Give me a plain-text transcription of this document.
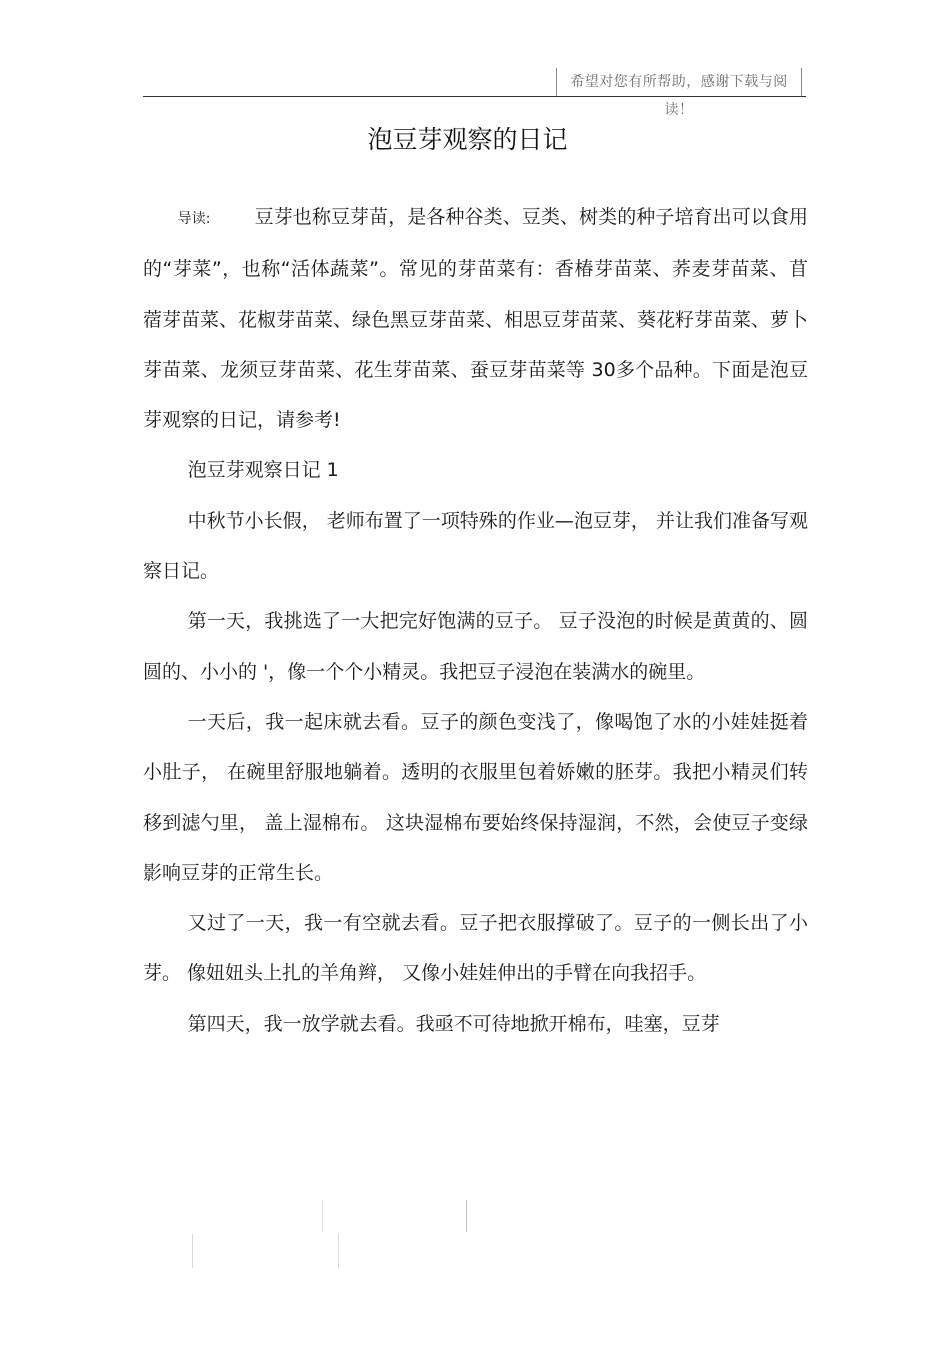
希望对您有所帮助，感谢下载与阅读！
泡豆芽观察的日记

导读: 豆芽也称豆芽苗，是各种谷类、豆类、树类的种子培育出可以食用的“芽菜”，也称“活体蔬菜”。常见的芽苗菜有：香椿芽苗菜、荞麦芽苗菜、苜蓿芽苗菜、花椒芽苗菜、绿色黑豆芽苗菜、相思豆芽苗菜、葵花籽芽苗菜、萝卜芽苗菜、龙须豆芽苗菜、花生芽苗菜、蚕豆芽苗菜等 30多个品种。下面是泡豆芽观察的日记，请参考!

泡豆芽观察日记 1

中秋节小长假， 老师布置了一项特殊的作业—泡豆芽， 并让我们准备写观察日记。

第一天，我挑选了一大把完好饱满的豆子。 豆子没泡的时候是黄黄的、圆圆的、小小的 '，像一个个小精灵。我把豆子浸泡在装满水的碗里。

一天后，我一起床就去看。豆子的颜色变浅了，像喝饱了水的小娃娃挺着小肚子， 在碗里舒服地躺着。透明的衣服里包着娇嫩的胚芽。我把小精灵们转移到滤勺里， 盖上湿棉布。 这块湿棉布要始终保持湿润，不然，会使豆子变绿影响豆芽的正常生长。

又过了一天，我一有空就去看。豆子把衣服撑破了。豆子的一侧长出了小芽。 像妞妞头上扎的羊角辫， 又像小娃娃伸出的手臂在向我招手。

第四天，我一放学就去看。我亟不可待地掀开棉布，哇塞，豆芽
